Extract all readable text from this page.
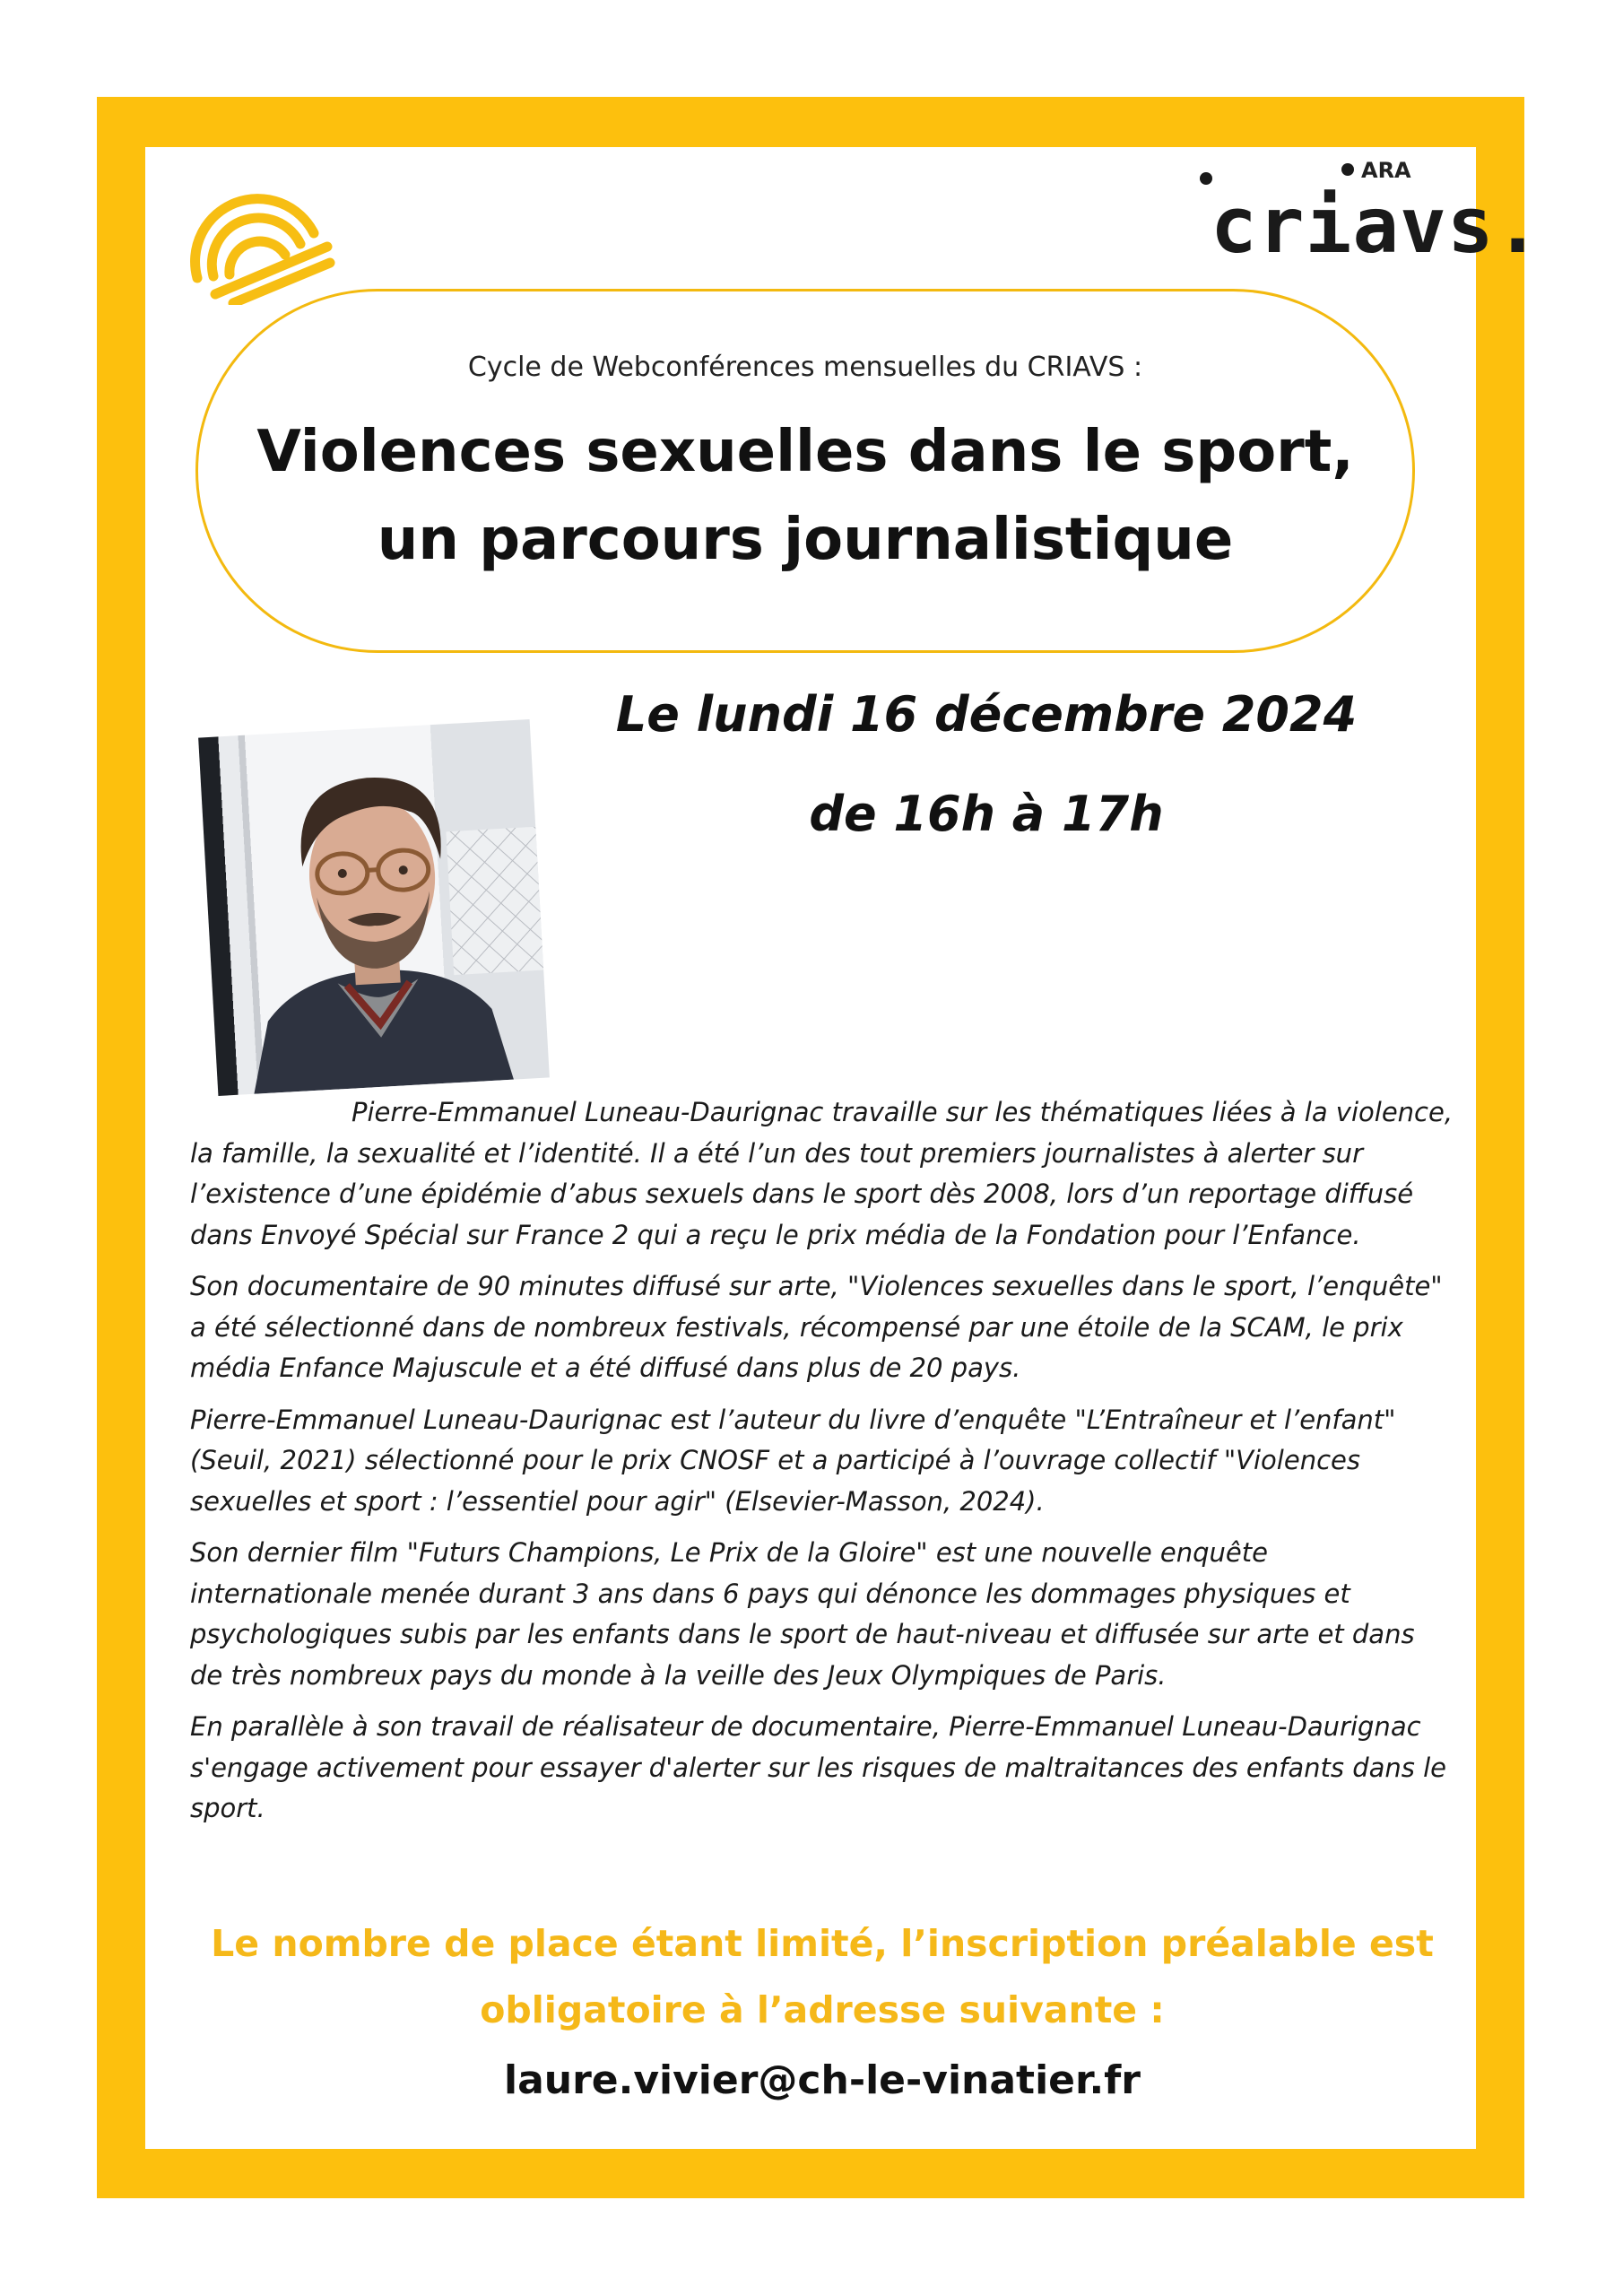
ARA
criavs.
Cycle de Webconférences mensuelles du CRIAVS :
Violences sexuelles dans le sport,
un parcours journalistique
Le lundi 16 décembre 2024
de 16h à 17h

Pierre-Emmanuel Luneau-Daurignac travaille sur les thématiques liées à la violence, la famille, la sexualité et l’identité. Il a été l’un des tout premiers journalistes à alerter sur l’existence d’une épidémie d’abus sexuels dans le sport dès 2008, lors d’un reportage diffusé dans Envoyé Spécial sur France 2 qui a reçu le prix média de la Fondation pour l’Enfance.

Son documentaire de 90 minutes diffusé sur arte, "Violences sexuelles dans le sport, l’enquête" a été sélectionné dans de nombreux festivals, récompensé par une étoile de la SCAM, le prix média Enfance Majuscule et a été diffusé dans plus de 20 pays.

Pierre-Emmanuel Luneau-Daurignac est l’auteur du livre d’enquête "L’Entraîneur et l’enfant" (Seuil, 2021) sélectionné pour le prix CNOSF et a participé à l’ouvrage collectif "Violences sexuelles et sport : l’essentiel pour agir" (Elsevier-Masson, 2024).

Son dernier film "Futurs Champions, Le Prix de la Gloire" est une nouvelle enquête internationale menée durant 3 ans dans 6 pays qui dénonce les dommages physiques et psychologiques subis par les enfants dans le sport de haut-niveau et diffusée sur arte et dans de très nombreux pays du monde à la veille des Jeux Olympiques de Paris.

En parallèle à son travail de réalisateur de documentaire, Pierre-Emmanuel Luneau-Daurignac s'engage activement pour essayer d'alerter sur les risques de maltraitances des enfants dans le sport.

Le nombre de place étant limité, l’inscription préalable est obligatoire à l’adresse suivante :
laure.vivier@ch-le-vinatier.fr
